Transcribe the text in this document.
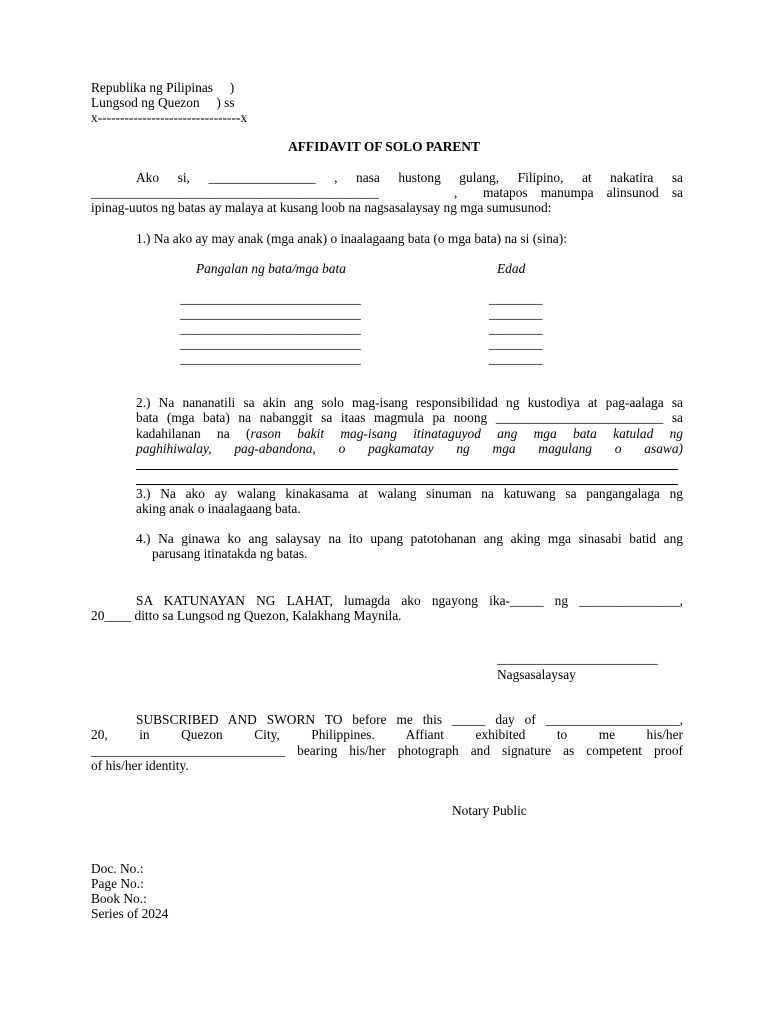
Republika ng Pilipinas     )
Lungsod ng Quezon     ) ss
x--------------------------------x
AFFIDAVIT OF SOLO PARENT
Ako si, ________________ , nasa hustong gulang, Filipino, at nakatira sa
___________________________________________	, matapos manumpa alinsunod sa
ipinag-uutos ng batas ay malaya at kusang loob na nagsasalaysay ng mga sumusunod:
1.) Na ako ay may anak (mga anak) o inaalagaang bata (o mga bata) na si (sina):
Pangalan ng bata/mga bata	Edad
___________________________
___________________________
___________________________
___________________________
___________________________
________
________
________
________
________
2.) Na nananatili sa akin ang solo mag-isang responsibilidad ng kustodiya at pag-aalaga sa
bata (mga bata) na nabanggit sa itaas magmula pa noong _________________________ sa
kadahilanan na (rason bakit mag-isang itinataguyod ang mga bata katulad ng
paghihiwalay, pag-abandona, o pagkamatay ng mga magulang o asawa)
3.) Na ako ay walang kinakasama at walang sinuman na katuwang sa pangangalaga ng
aking anak o inaalagaang bata.
4.) Na ginawa ko ang salaysay na ito upang patotohanan ang aking mga sinasabi batid ang
parusang itinatakda ng batas.
SA KATUNAYAN NG LAHAT, lumagda ako ngayong ika-_____ ng _______________,
20____ ditto sa Lungsod ng Quezon, Kalakhang Maynila.
________________________
Nagsasalaysay
SUBSCRIBED AND SWORN TO before me this _____ day of ____________________,
20, in Quezon City, Philippines. Affiant exhibited to me his/her
_____________________________ bearing his/her photograph and signature as competent proof
of his/her identity.
Notary Public
Doc. No.:
Page No.:
Book No.:
Series of 2024
